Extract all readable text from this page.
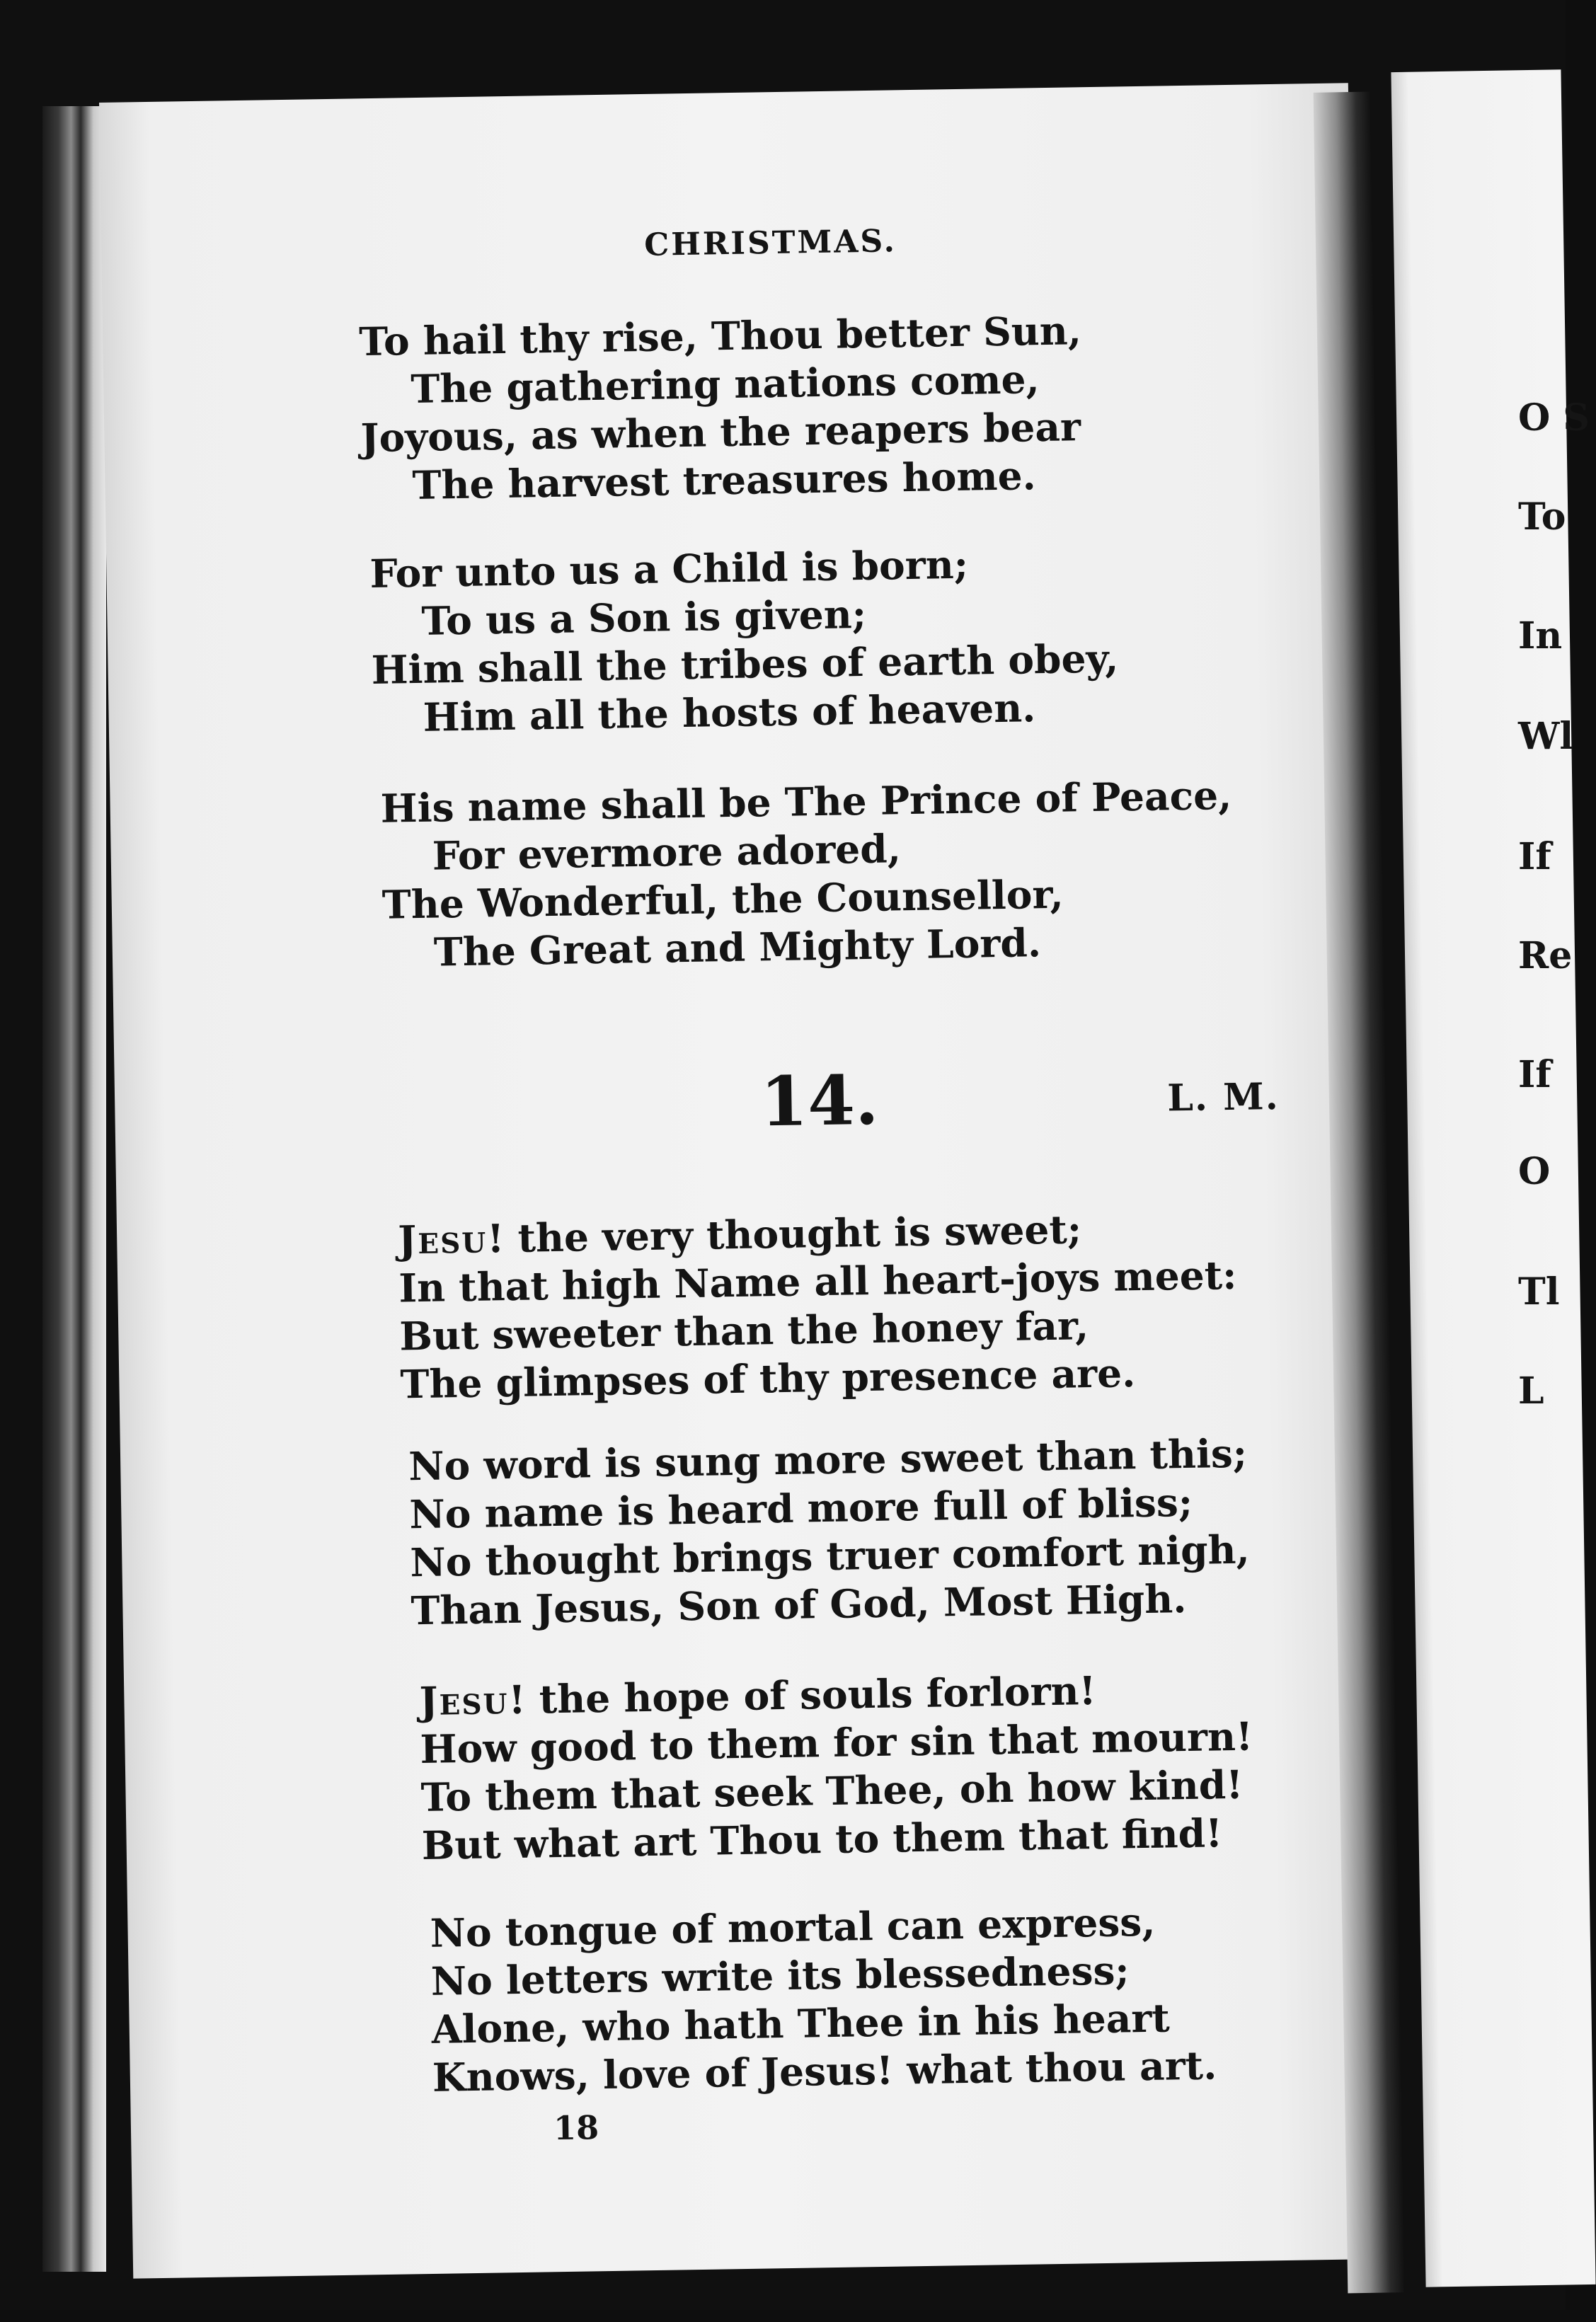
O S
To
In
Wl
If
Re
If
O
Tl
L
CHRISTMAS.
To hail thy rise, Thou better Sun,
The gathering nations come,
Joyous, as when the reapers bear
The harvest treasures home.
For unto us a Child is born;
To us a Son is given;
Him shall the tribes of earth obey,
Him all the hosts of heaven.
His name shall be The Prince of Peace,
For evermore adored,
The Wonderful, the Counsellor,
The Great and Mighty Lord.
14.	L. M.
Jesu! the very thought is sweet;
In that high Name all heart-joys meet:
But sweeter than the honey far,
The glimpses of thy presence are.
No word is sung more sweet than this;
No name is heard more full of bliss;
No thought brings truer comfort nigh,
Than Jesus, Son of God, Most High.
Jesu! the hope of souls forlorn!
How good to them for sin that mourn!
To them that seek Thee, oh how kind!
But what art Thou to them that find!
No tongue of mortal can express,
No letters write its blessedness;
Alone, who hath Thee in his heart
Knows, love of Jesus! what thou art.
18
